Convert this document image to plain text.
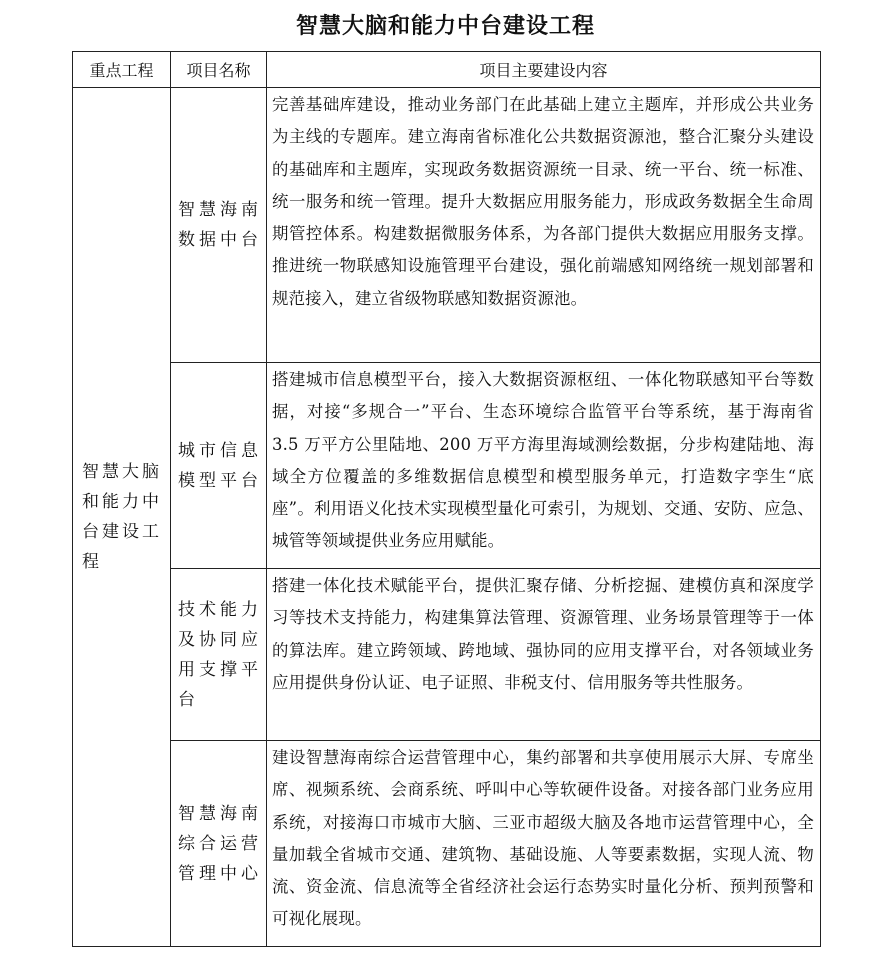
智慧大脑和能力中台建设工程
重点工程	项目名称	项目主要建设内容
智慧大脑和能力中台建设工程	智慧海南数据中台	完善基础库建设，推动业务部门在此基础上建立主题库，并形成公共业务为主线的专题库。建立海南省标准化公共数据资源池，整合汇聚分头建设的基础库和主题库，实现政务数据资源统一目录、统一平台、统一标准、统一服务和统一管理。提升大数据应用服务能力，形成政务数据全生命周期管控体系。构建数据微服务体系，为各部门提供大数据应用服务支撑。推进统一物联感知设施管理平台建设，强化前端感知网络统一规划部署和规范接入，建立省级物联感知数据资源池。

	城市信息模型平台	搭建城市信息模型平台，接入大数据资源枢纽、一体化物联感知平台等数据，对接“多规合一”平台、生态环境综合监管平台等系统，基于海南省 3.5 万平方公里陆地、200 万平方海里海域测绘数据，分步构建陆地、海域全方位覆盖的多维数据信息模型和模型服务单元，打造数字孪生“底座”。利用语义化技术实现模型量化可索引，为规划、交通、安防、应急、城管等领域提供业务应用赋能。

	技术能力及协同应用支撑平台	搭建一体化技术赋能平台，提供汇聚存储、分析挖掘、建模仿真和深度学习等技术支持能力，构建集算法管理、资源管理、业务场景管理等于一体的算法库。建立跨领域、跨地域、强协同的应用支撑平台，对各领域业务应用提供身份认证、电子证照、非税支付、信用服务等共性服务。

	智慧海南综合运营管理中心	建设智慧海南综合运营管理中心，集约部署和共享使用展示大屏、专席坐席、视频系统、会商系统、呼叫中心等软硬件设备。对接各部门业务应用系统，对接海口市城市大脑、三亚市超级大脑及各地市运营管理中心，全量加载全省城市交通、建筑物、基础设施、人等要素数据，实现人流、物流、资金流、信息流等全省经济社会运行态势实时量化分析、预判预警和可视化展现。
